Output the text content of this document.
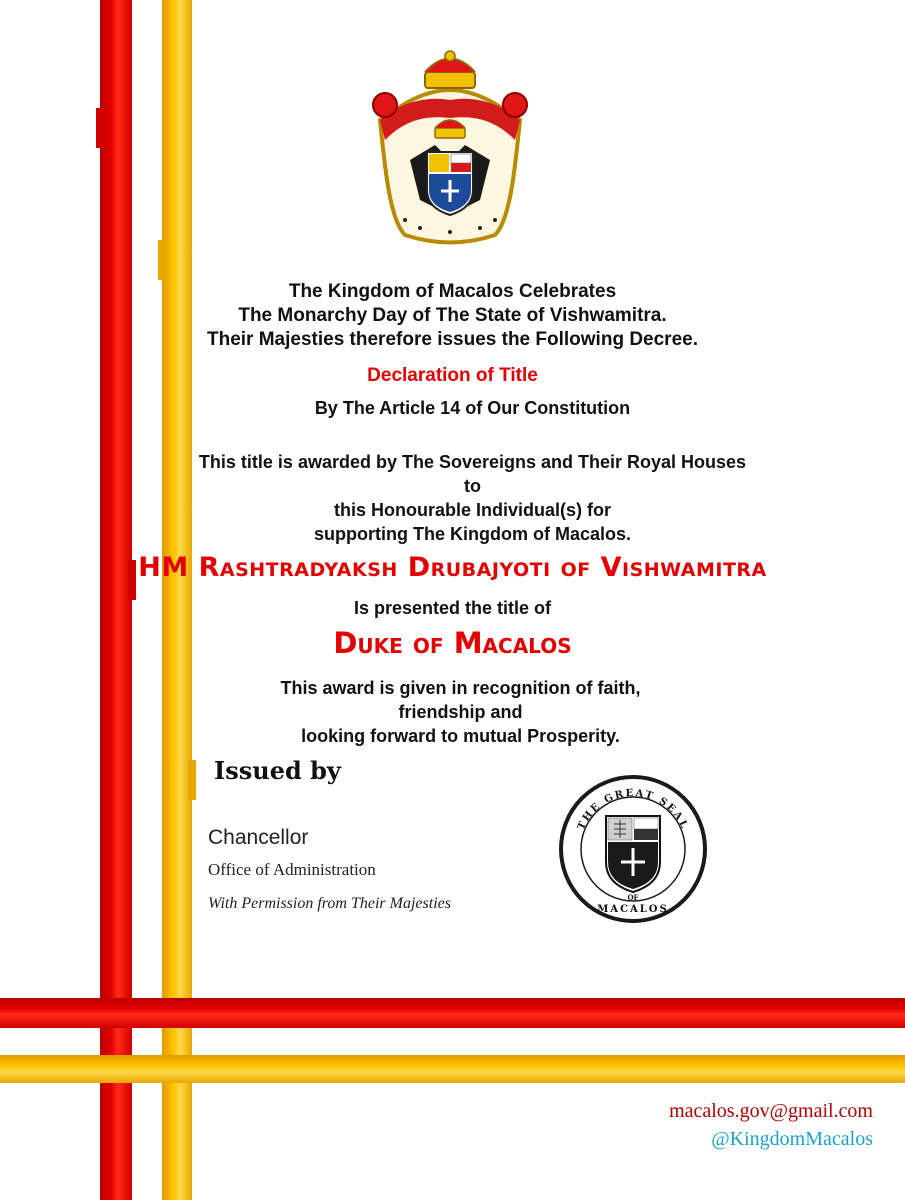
The Kingdom of Macalos Celebrates
The Monarchy Day of The State of Vishwamitra.
Their Majesties therefore issues the Following Decree.
Declaration of Title
By The Article 14 of Our Constitution
This title is awarded by The Sovereigns and Their Royal Houses
to
this Honourable Individual(s) for
supporting The Kingdom of Macalos.
HM Rashtradyaksh Drubajyoti of Vishwamitra
Is presented the title of
Duke of Macalos
This award is given in recognition of faith,
friendship and
looking forward to mutual Prosperity.
Issued by
Chancellor
Office of Administration
With Permission from Their Majesties
THE GREAT SEAL
OF
MACALOS
macalos.gov@gmail.com
@KingdomMacalos
